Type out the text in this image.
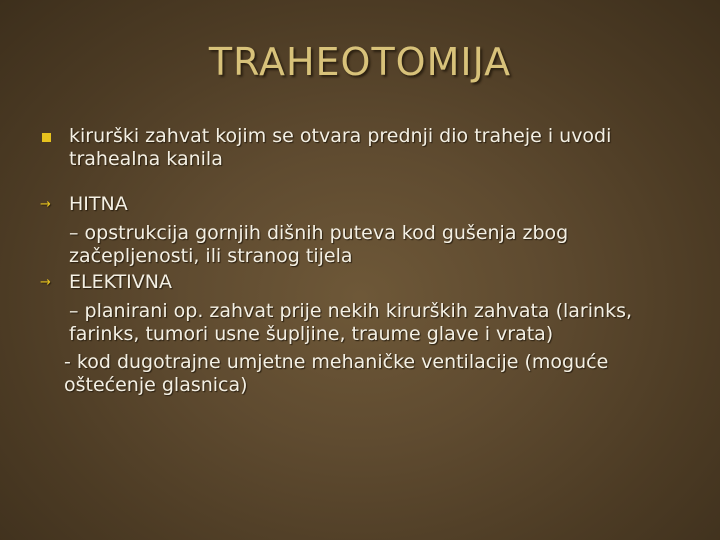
TRAHEOTOMIJA
kirurški zahvat kojim se otvara prednji dio traheje i uvodi trahealna kanila
→ HITNA
– opstrukcija gornjih dišnih puteva kod gušenja zbog začepljenosti, ili stranog tijela
→ ELEKTIVNA
– planirani op. zahvat prije nekih kirurških zahvata (larinks, farinks, tumori usne šupljine, traume glave i vrata)
- kod dugotrajne umjetne mehaničke ventilacije (moguće oštećenje glasnica)
